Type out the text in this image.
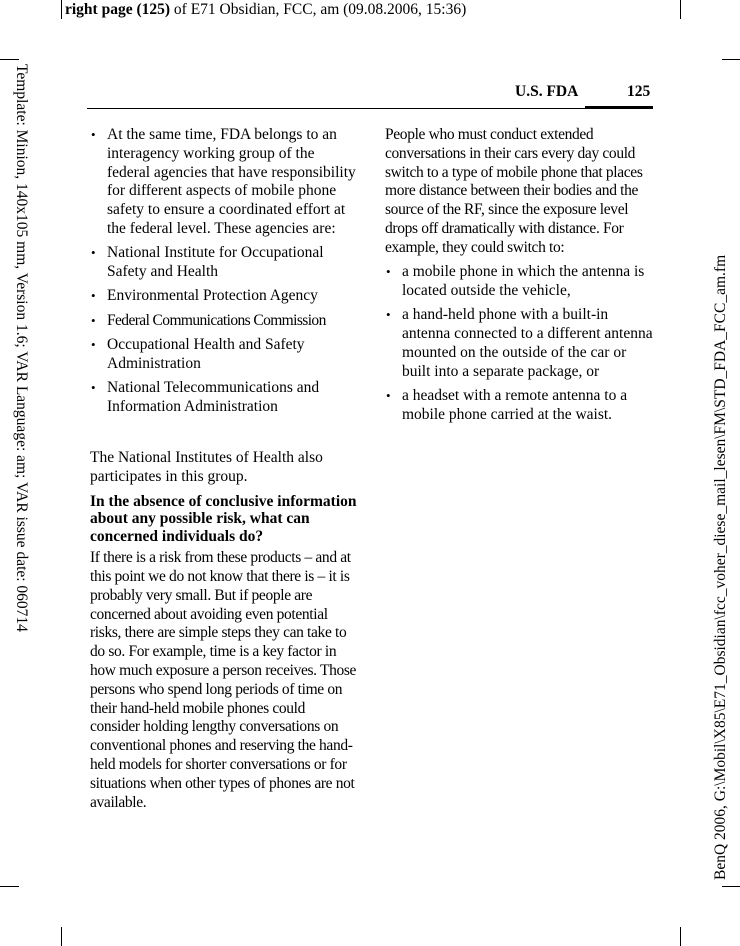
right page (125) of E71 Obsidian, FCC, am (09.08.2006, 15:36)
Template: Minion, 140x105 mm, Version 1.6; VAR Language: am; VAR issue date: 060714	BenQ 2006, G:\Mobil\X85\E71_Obsidian\fcc_voher_diese_mail_lesen\FM\STD_FDA_FCC_am.fm
U.S. FDA	125
• At the same time, FDA belongs to an interagency working group of the federal agencies that have responsibility for different aspects of mobile phone safety to ensure a coordinated effort at the federal level. These agencies are:
• National Institute for Occupational Safety and Health
• Environmental Protection Agency
• Federal Communications Commission
• Occupational Health and Safety Administration
• National Telecommunications and Information Administration

The National Institutes of Health also participates in this group.

In the absence of conclusive information about any possible risk, what can concerned individuals do?

If there is a risk from these products – and at this point we do not know that there is – it is probably very small. But if people are concerned about avoiding even potential risks, there are simple steps they can take to do so. For example, time is a key factor in how much exposure a person receives. Those persons who spend long periods of time on their hand-held mobile phones could consider holding lengthy conversations on conventional phones and reserving the hand-held models for shorter conversations or for situations when other types of phones are not available.

People who must conduct extended conversations in their cars every day could switch to a type of mobile phone that places more distance between their bodies and the source of the RF, since the exposure level drops off dramatically with distance. For example, they could switch to:

• a mobile phone in which the antenna is located outside the vehicle,
• a hand-held phone with a built-in antenna connected to a different antenna mounted on the outside of the car or built into a separate package, or
• a headset with a remote antenna to a mobile phone carried at the waist.
